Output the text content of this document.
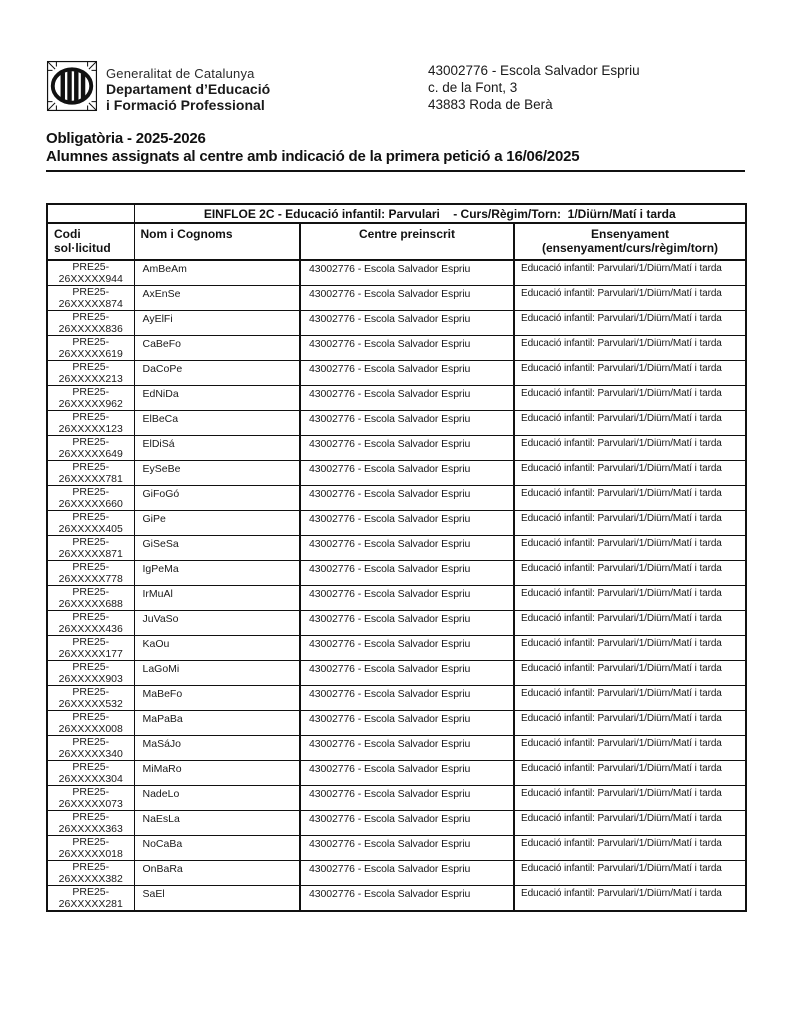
Generalitat de Catalunya
Departament d’Educació
i Formació Professional
43002776 - Escola Salvador Espriu
c. de la Font, 3
43883 Roda de Berà
Obligatòria - 2025-2026
Alumnes assignats al centre amb indicació de la primera petició a 16/06/2025
	EINFLOE 2C - Educació infantil: Parvulari    - Curs/Règim/Torn:  1/Diürn/Matí i tarda		

Codi
sol·licitud
	Nom i Cognoms	Centre preinscrit	Ensenyament
(ensenyament/curs/règim/torn)

PRE25-
26XXXXX944	AmBeAm	43002776 - Escola Salvador Espriu	Educació infantil: Parvulari/1/Diürn/Matí i tarda

PRE25-
26XXXXX874	AxEnSe	43002776 - Escola Salvador Espriu	Educació infantil: Parvulari/1/Diürn/Matí i tarda

PRE25-
26XXXXX836	AyElFi	43002776 - Escola Salvador Espriu	Educació infantil: Parvulari/1/Diürn/Matí i tarda

PRE25-
26XXXXX619	CaBeFo	43002776 - Escola Salvador Espriu	Educació infantil: Parvulari/1/Diürn/Matí i tarda

PRE25-
26XXXXX213	DaCoPe	43002776 - Escola Salvador Espriu	Educació infantil: Parvulari/1/Diürn/Matí i tarda

PRE25-
26XXXXX962	EdNiDa	43002776 - Escola Salvador Espriu	Educació infantil: Parvulari/1/Diürn/Matí i tarda

PRE25-
26XXXXX123	ElBeCa	43002776 - Escola Salvador Espriu	Educació infantil: Parvulari/1/Diürn/Matí i tarda

PRE25-
26XXXXX649	ElDiSá	43002776 - Escola Salvador Espriu	Educació infantil: Parvulari/1/Diürn/Matí i tarda

PRE25-
26XXXXX781	EySeBe	43002776 - Escola Salvador Espriu	Educació infantil: Parvulari/1/Diürn/Matí i tarda

PRE25-
26XXXXX660	GiFoGó	43002776 - Escola Salvador Espriu	Educació infantil: Parvulari/1/Diürn/Matí i tarda

PRE25-
26XXXXX405	GiPe	43002776 - Escola Salvador Espriu	Educació infantil: Parvulari/1/Diürn/Matí i tarda

PRE25-
26XXXXX871	GiSeSa	43002776 - Escola Salvador Espriu	Educació infantil: Parvulari/1/Diürn/Matí i tarda

PRE25-
26XXXXX778	IgPeMa	43002776 - Escola Salvador Espriu	Educació infantil: Parvulari/1/Diürn/Matí i tarda

PRE25-
26XXXXX688	IrMuAl	43002776 - Escola Salvador Espriu	Educació infantil: Parvulari/1/Diürn/Matí i tarda

PRE25-
26XXXXX436	JuVaSo	43002776 - Escola Salvador Espriu	Educació infantil: Parvulari/1/Diürn/Matí i tarda

PRE25-
26XXXXX177	KaOu	43002776 - Escola Salvador Espriu	Educació infantil: Parvulari/1/Diürn/Matí i tarda

PRE25-
26XXXXX903	LaGoMi	43002776 - Escola Salvador Espriu	Educació infantil: Parvulari/1/Diürn/Matí i tarda

PRE25-
26XXXXX532	MaBeFo	43002776 - Escola Salvador Espriu	Educació infantil: Parvulari/1/Diürn/Matí i tarda

PRE25-
26XXXXX008	MaPaBa	43002776 - Escola Salvador Espriu	Educació infantil: Parvulari/1/Diürn/Matí i tarda

PRE25-
26XXXXX340	MaSáJo	43002776 - Escola Salvador Espriu	Educació infantil: Parvulari/1/Diürn/Matí i tarda

PRE25-
26XXXXX304	MiMaRo	43002776 - Escola Salvador Espriu	Educació infantil: Parvulari/1/Diürn/Matí i tarda

PRE25-
26XXXXX073	NadeLo	43002776 - Escola Salvador Espriu	Educació infantil: Parvulari/1/Diürn/Matí i tarda

PRE25-
26XXXXX363	NaEsLa	43002776 - Escola Salvador Espriu	Educació infantil: Parvulari/1/Diürn/Matí i tarda

PRE25-
26XXXXX018	NoCaBa	43002776 - Escola Salvador Espriu	Educació infantil: Parvulari/1/Diürn/Matí i tarda

PRE25-
26XXXXX382	OnBaRa	43002776 - Escola Salvador Espriu	Educació infantil: Parvulari/1/Diürn/Matí i tarda

PRE25-
26XXXXX281	SaEl	43002776 - Escola Salvador Espriu	Educació infantil: Parvulari/1/Diürn/Matí i tarda
